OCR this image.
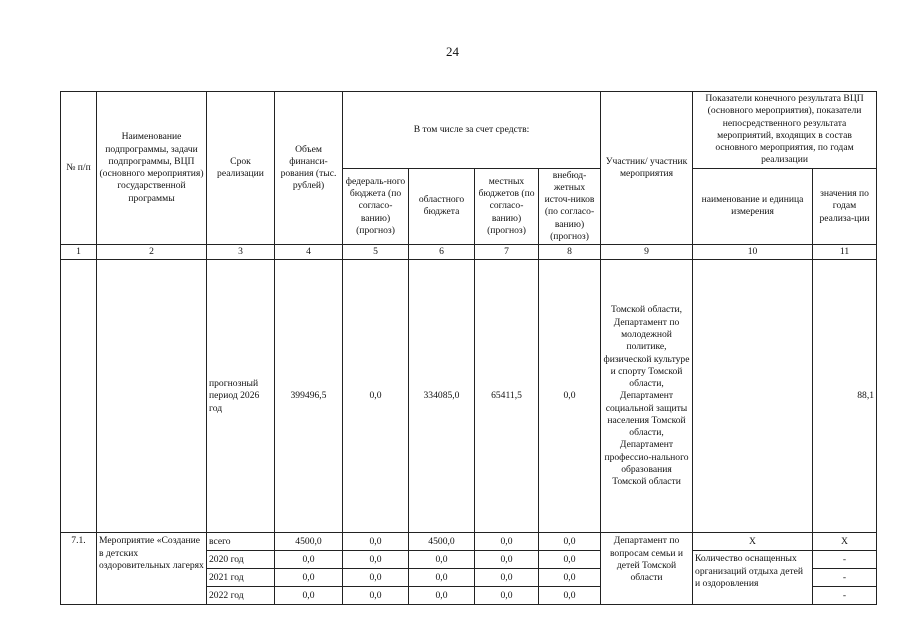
24
№ п/п	Наименование подпрограммы, задачи подпрограммы, ВЦП (основного мероприятия) государственной программы	Срок реализации	Объем финанси-рования (тыс. рублей)	В том числе за счет средств:				Участник/ участник мероприятия	Показатели конечного результата ВЦП (основного мероприятия), показатели непосредственного результата мероприятий, входящих в состав основного мероприятия, по годам реализации	
				федераль-ного бюджета (по согласо-ванию) (прогноз)	областного бюджета	местных бюджетов (по согласо-ванию) (прогноз)	внебюд-жетных источ-ников (по согласо-ванию) (прогноз)		наименование и единица измерения	значения по годам реализа-ции
1	2	3	4	5	6	7	8	9	10	11
		прогнозный период 2026 год	399496,5	0,0	334085,0	65411,5	0,0	Томской области, Департамент по молодежной политике, физической культуре и спорту Томской области, Департамент социальной защиты населения Томской области, Департамент профессио-нального образования Томской области		88,1
7.1.	Мероприятие «Создание в детских оздоровительных лагерях	всего	4500,0	0,0	4500,0	0,0	0,0	Департамент по вопросам семьи и детей Томской области	Х	Х
		2020 год	0,0	0,0	0,0	0,0	0,0		Количество оснащенных организаций отдыха детей и оздоровления	-
		2021 год	0,0	0,0	0,0	0,0	0,0			-
		2022 год	0,0	0,0	0,0	0,0	0,0			-
